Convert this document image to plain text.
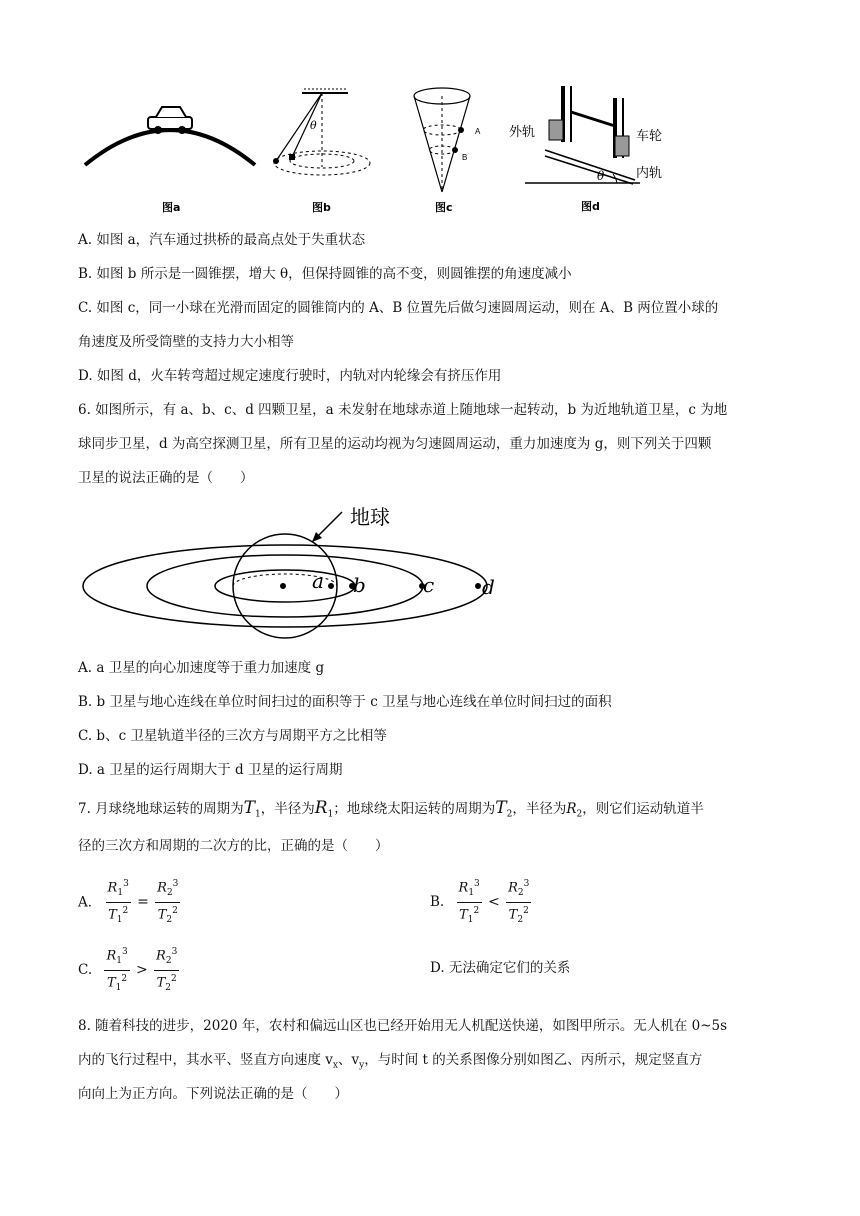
图a
θ
图b
A
B
图c
外轨	车轮
内轨
θ
图d
A. 如图 a，汽车通过拱桥的最高点处于失重状态
B. 如图 b 所示是一圆锥摆，增大 θ，但保持圆锥的高不变，则圆锥摆的角速度减小
C. 如图 c，同一小球在光滑而固定的圆锥筒内的 A、B 位置先后做匀速圆周运动，则在 A、B 两位置小球的
角速度及所受筒壁的支持力大小相等
D. 如图 d，火车转弯超过规定速度行驶时，内轨对内轮缘会有挤压作用
6. 如图所示，有 a、b、c、d 四颗卫星，a 未发射在地球赤道上随地球一起转动，b 为近地轨道卫星，c 为地
球同步卫星，d 为高空探测卫星，所有卫星的运动均视为匀速圆周运动，重力加速度为 g，则下列关于四颗
卫星的说法正确的是（　　）
地球
a b	c d
A. a 卫星的向心加速度等于重力加速度 g
B. b 卫星与地心连线在单位时间扫过的面积等于 c 卫星与地心连线在单位时间扫过的面积
C. b、c 卫星轨道半径的三次方与周期平方之比相等
D. a 卫星的运行周期大于 d 卫星的运行周期
7. 月球绕地球运转的周期为$T_1$，半径为$R_1$；地球绕太阳运转的周期为$T_2$，半径为$R_2$，则它们运动轨道半
径的三次方和周期的二次方的比，正确的是（　　）
A． $\frac{R_1^3}{T_1^2} = \frac{R_2^3}{T_2^2}$	B. $\frac{R_1^3}{T_1^2} < \frac{R_2^3}{T_2^2}$
C. $\frac{R_1^3}{T_1^2} > \frac{R_2^3}{T_2^2}$	D. 无法确定它们的关系
8. 随着科技的进步，2020 年，农村和偏远山区也已经开始用无人机配送快递，如图甲所示。无人机在 0~5s
内的飞行过程中，其水平、竖直方向速度 $v_x$、$v_y$，与时间 t 的关系图像分别如图乙、丙所示，规定竖直方
向向上为正方向。下列说法正确的是（　　）
